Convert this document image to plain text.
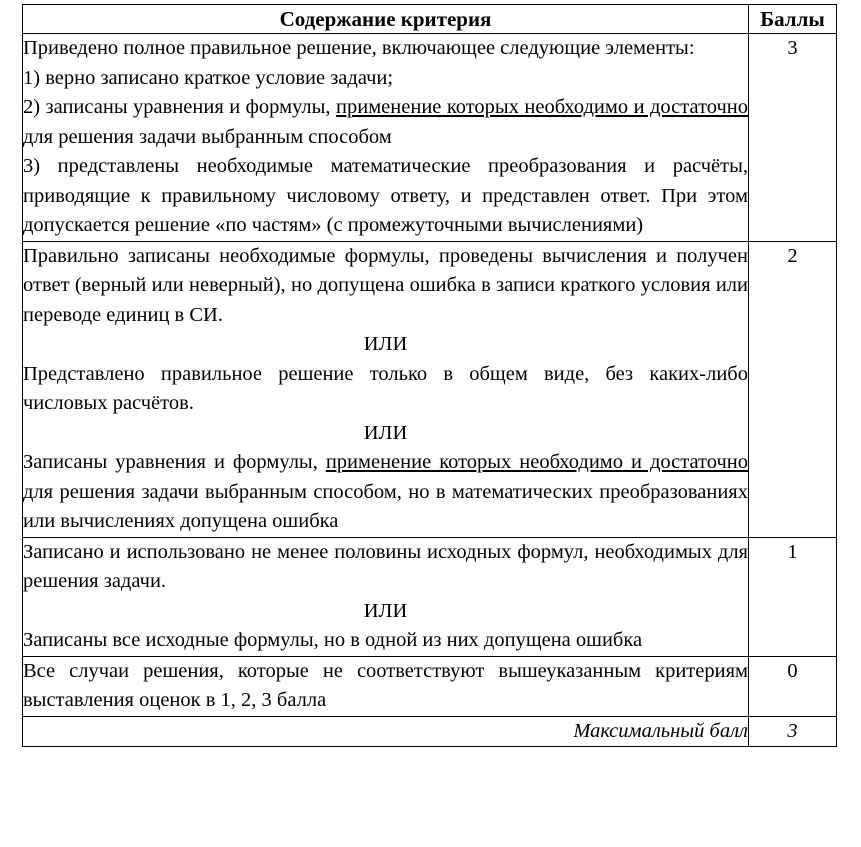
Содержание критерия	Баллы

Приведено полное правильное решение, включающее следующие элементы:

1) верно записано краткое условие задачи;

2) записаны уравнения и формулы, применение которых необходимо и достаточно для решения задачи выбранным способом

3) представлены необходимые математические преобразования и расчёты, приводящие к правильному числовому ответу, и представлен ответ. При этом допускается решение «по частям» (с промежуточными вычислениями)	3

Правильно записаны необходимые формулы, проведены вычисления и получен ответ (верный или неверный), но допущена ошибка в записи краткого условия или переводе единиц в СИ.

ИЛИ

Представлено правильное решение только в общем виде, без каких-либо числовых расчётов.

ИЛИ

Записаны уравнения и формулы, применение которых необходимо и достаточно для решения задачи выбранным способом, но в математических преобразованиях или вычислениях допущена ошибка	2

Записано и использовано не менее половины исходных формул, необходимых для решения задачи.

ИЛИ

Записаны все исходные формулы, но в одной из них допущена ошибка	1

Все случаи решения, которые не соответствуют вышеуказанным критериям выставления оценок в 1, 2, 3 балла	0
Максимальный балл	3
